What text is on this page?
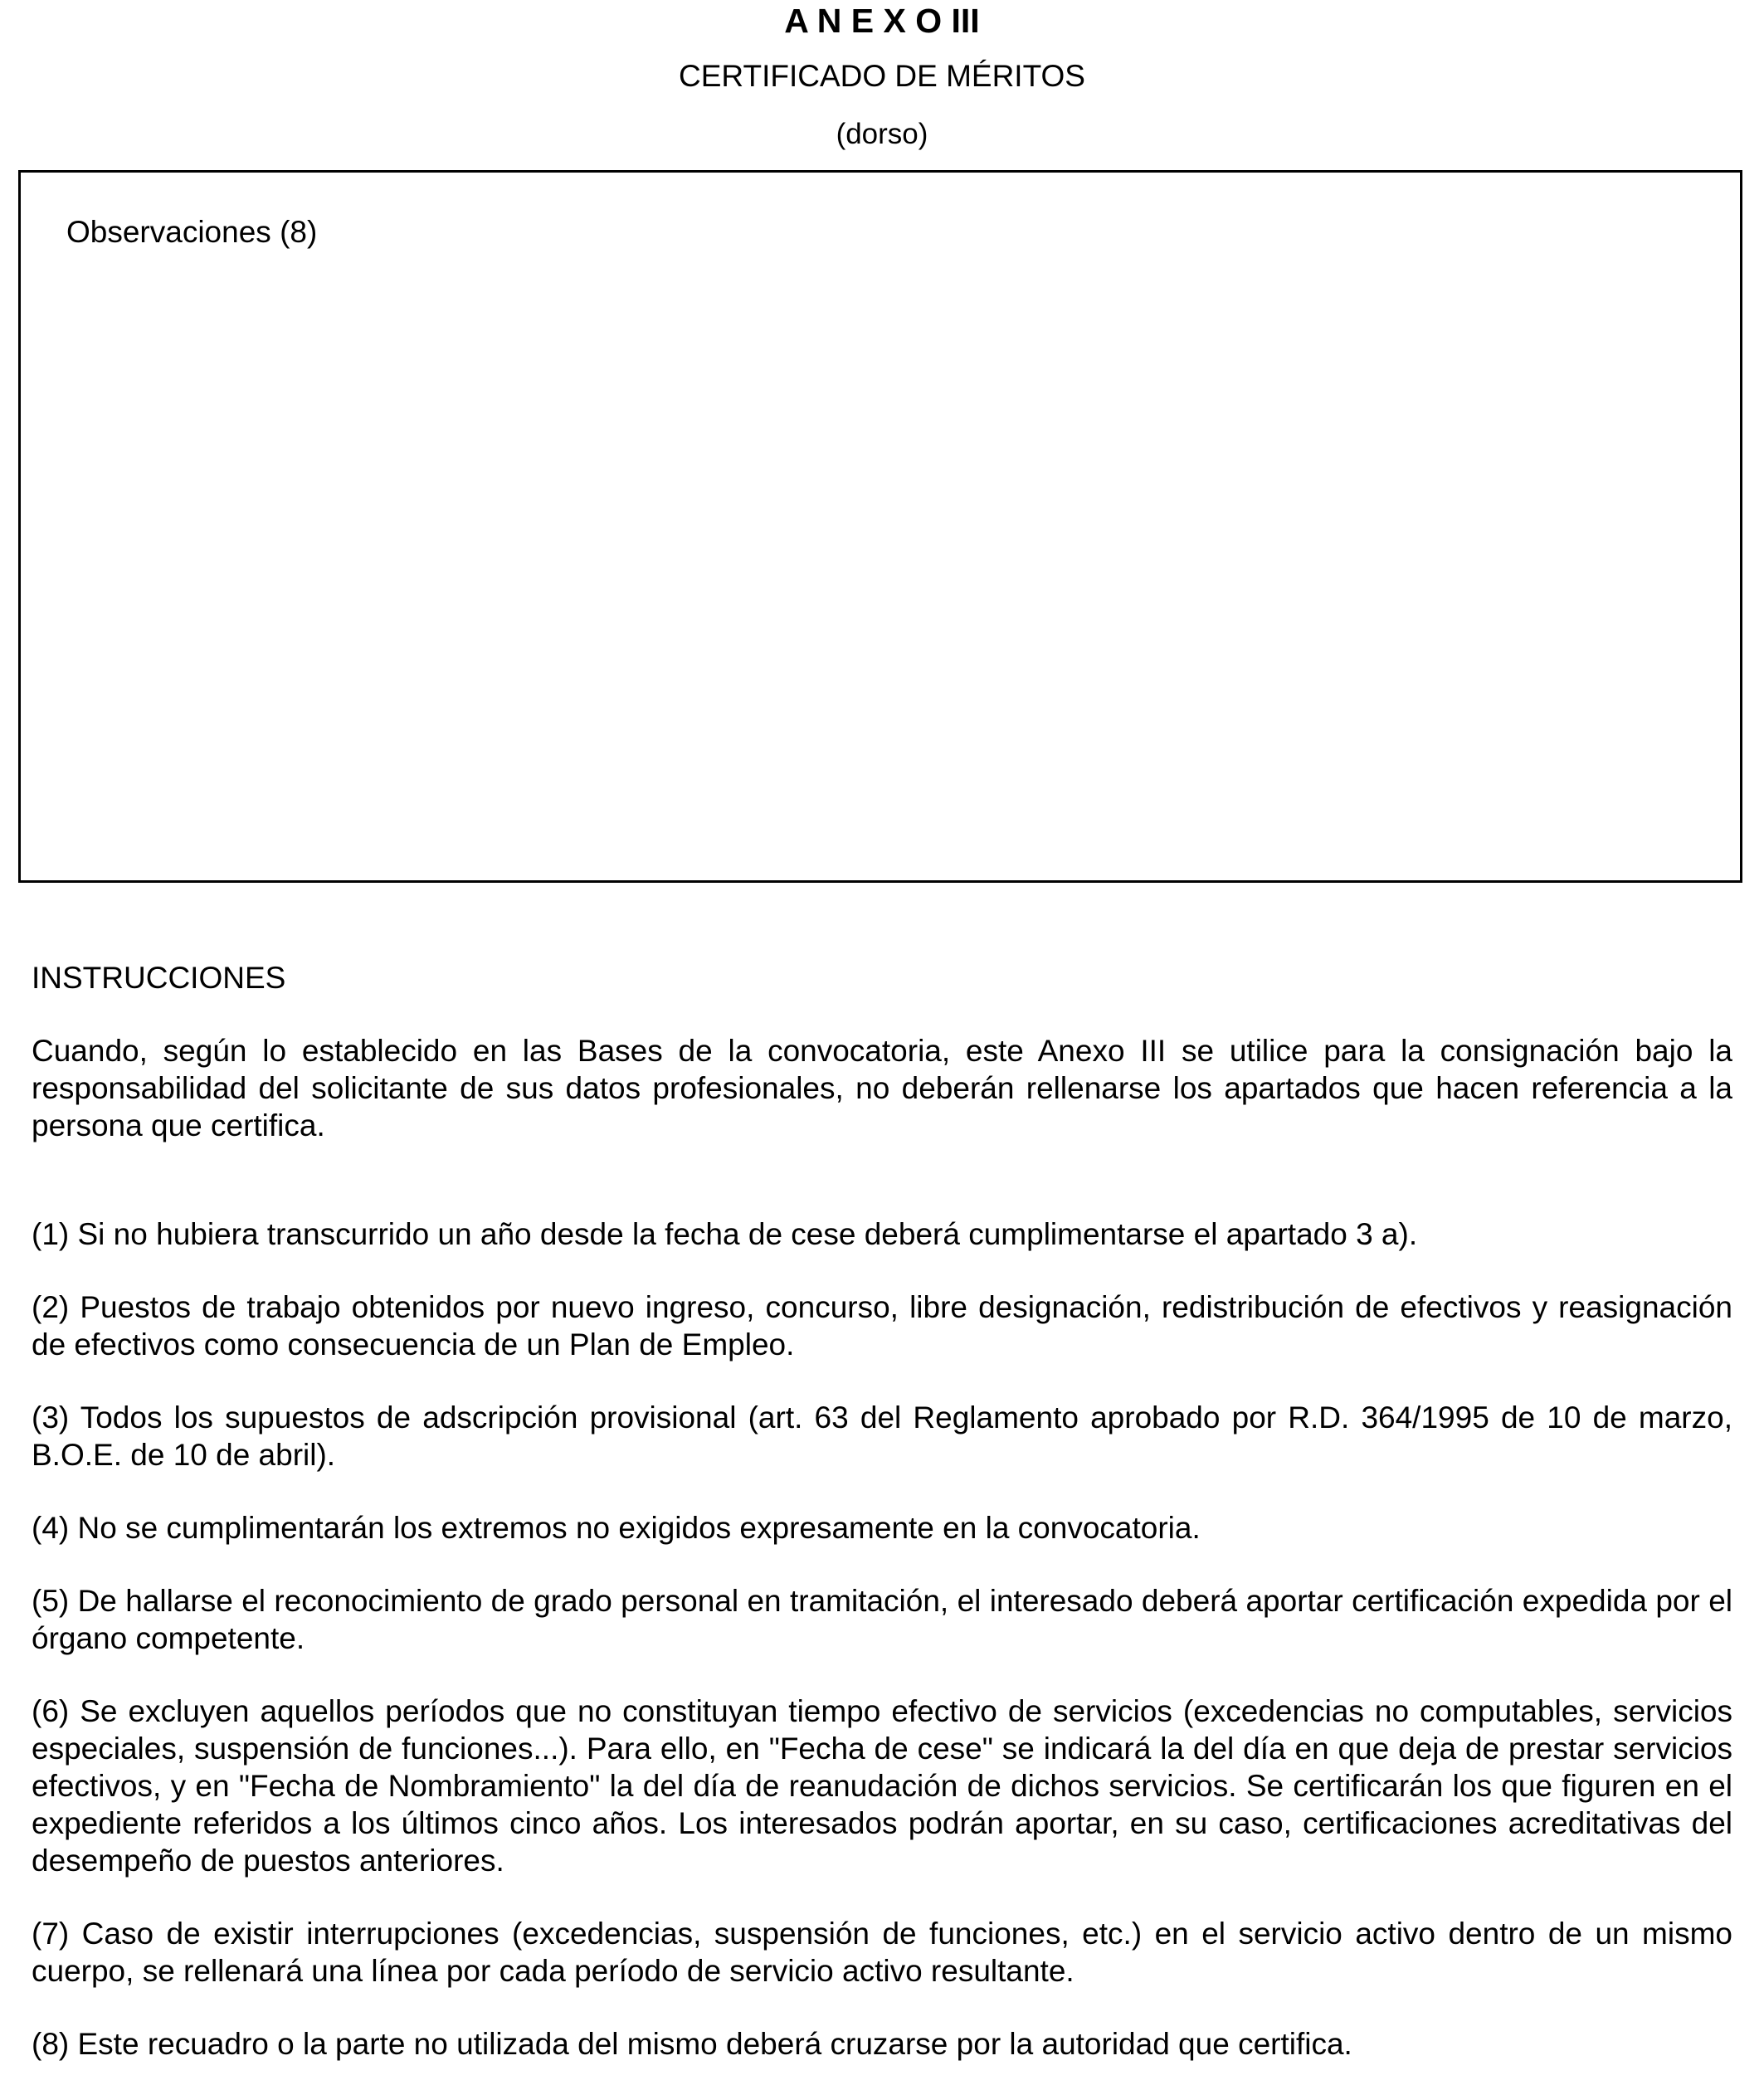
A N E X O III
CERTIFICADO DE MÉRITOS
(dorso)
Observaciones (8)

INSTRUCCIONES

Cuando, según lo establecido en las Bases de la convocatoria, este Anexo III se utilice para la consignación bajo la responsabilidad del solicitante de sus datos profesionales, no deberán rellenarse los apartados que hacen referencia a la persona que certifica.

(1) Si no hubiera transcurrido un año desde la fecha de cese deberá cumplimentarse el apartado 3 a).

(2) Puestos de trabajo obtenidos por nuevo ingreso, concurso, libre designación, redistribución de efectivos y reasignación de efectivos como consecuencia de un Plan de Empleo.

(3) Todos los supuestos de adscripción provisional (art. 63 del Reglamento aprobado por R.D. 364/1995 de 10 de marzo, B.O.E. de 10 de abril).

(4) No se cumplimentarán los extremos no exigidos expresamente en la convocatoria.

(5) De hallarse el reconocimiento de grado personal en tramitación, el interesado deberá aportar certificación expedida por el órgano competente.

(6) Se excluyen aquellos períodos que no constituyan tiempo efectivo de servicios (excedencias no computables, servicios especiales, suspensión de funciones...). Para ello, en "Fecha de cese" se indicará la del día en que deja de prestar servicios efectivos, y en "Fecha de Nombramiento" la del día de reanudación de dichos servicios. Se certificarán los que figuren en el expediente referidos a los últimos cinco años. Los interesados podrán aportar, en su caso, certificaciones acreditativas del desempeño de puestos anteriores.

(7) Caso de existir interrupciones (excedencias, suspensión de funciones, etc.) en el servicio activo dentro de un mismo cuerpo, se rellenará una línea por cada período de servicio activo resultante.

(8) Este recuadro o la parte no utilizada del mismo deberá cruzarse por la autoridad que certifica.
